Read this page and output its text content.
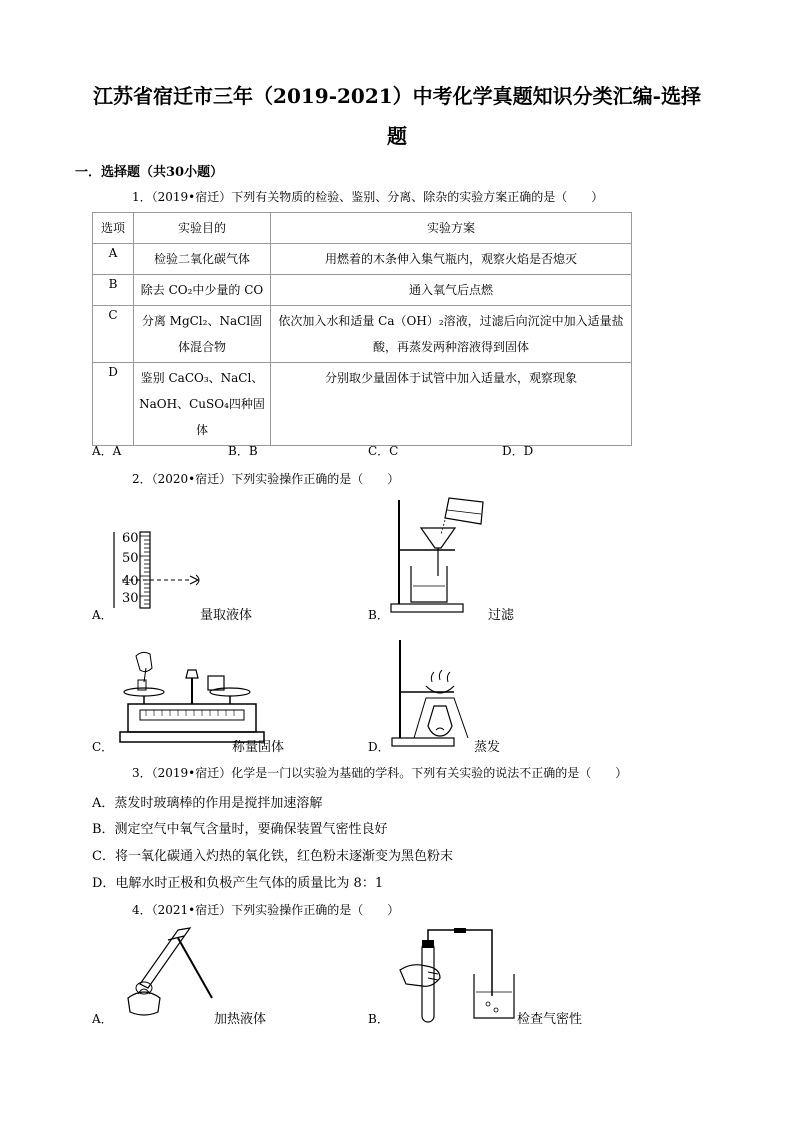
江苏省宿迁市三年（2019-2021）中考化学真题知识分类汇编-选择
题
一．选择题（共30小题）
1．（2019•宿迁）下列有关物质的检验、鉴别、分离、除杂的实验方案正确的是（　　）
选项	实验目的	实验方案
A	检验二氧化碳气体	用燃着的木条伸入集气瓶内，观察火焰是否熄灭
B	除去 CO₂中少量的 CO	通入氧气后点燃
C	分离 MgCl₂、NaCl固体混合物	依次加入水和适量 Ca（OH）₂溶液，过滤后向沉淀中加入适量盐酸，再蒸发两种溶液得到固体
D	鉴别 CaCO₃、NaCl、NaOH、CuSO₄四种固体	分别取少量固体于试管中加入适量水，观察现象
A．A	B．B	C．C	D．D
2．（2020•宿迁）下列实验操作正确的是（　　）
60
50
40
30
A．	量取液体	B．	过滤
C．	称量固体	D．	蒸发
3．（2019•宿迁）化学是一门以实验为基础的学科。下列有关实验的说法不正确的是（　　）
A．蒸发时玻璃棒的作用是搅拌加速溶解
B．测定空气中氧气含量时，要确保装置气密性良好
C．将一氧化碳通入灼热的氧化铁，红色粉末逐渐变为黑色粉末
D．电解水时正极和负极产生气体的质量比为 8：1
4．（2021•宿迁）下列实验操作正确的是（　　）
A．	加热液体	B．	检查气密性
